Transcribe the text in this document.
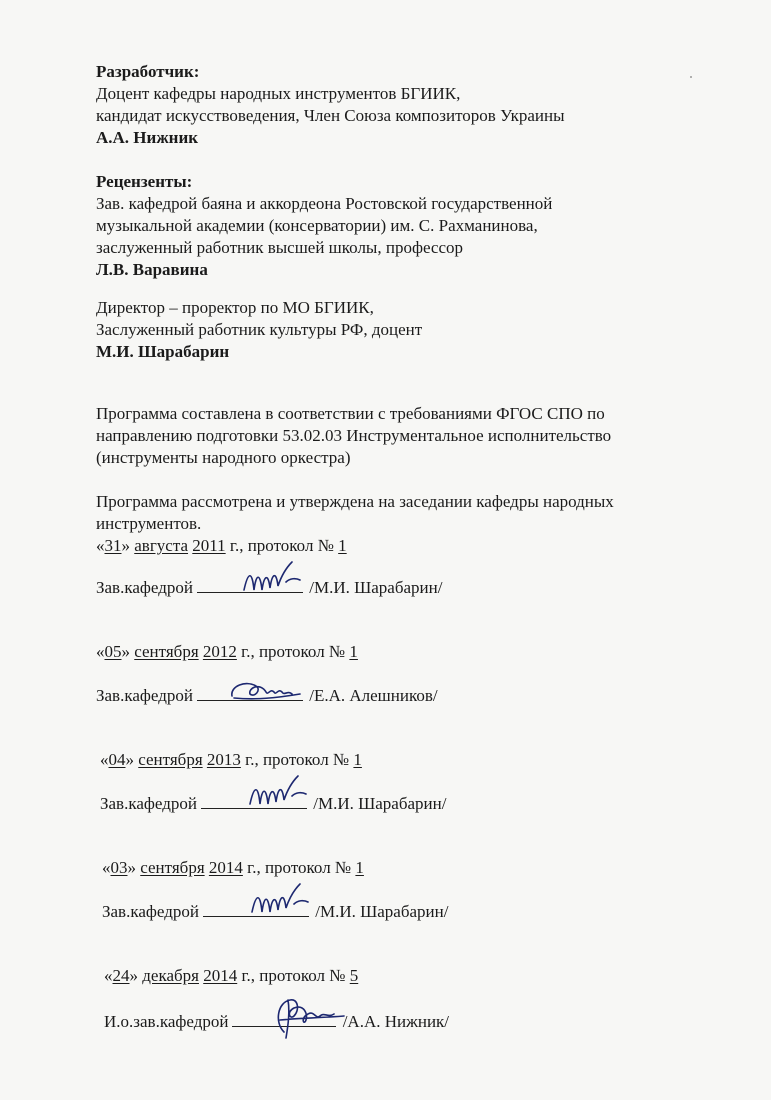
Разработчик:
Доцент кафедры народных инструментов БГИИК,
кандидат искусствоведения, Член Союза композиторов Украины
А.А. Нижник
Рецензенты:
Зав. кафедрой баяна и аккордеона Ростовской государственной
музыкальной академии (консерватории) им. С. Рахманинова,
заслуженный работник высшей школы, профессор
Л.В. Варавина
Директор – проректор по МО БГИИК,
Заслуженный работник культуры РФ, доцент
М.И. Шарабарин
Программа составлена в соответствии с требованиями ФГОС СПО по
направлению подготовки 53.02.03 Инструментальное исполнительство
(инструменты народного оркестра)
Программа рассмотрена и утверждена на заседании кафедры народных
инструментов.
«31» августа 2011 г., протокол № 1
Зав.кафедрой	/М.И. Шарабарин/
«05» сентября 2012 г., протокол № 1
Зав.кафедрой	/Е.А. Алешников/
«04» сентября 2013 г., протокол № 1
Зав.кафедрой	/М.И. Шарабарин/
«03» сентября 2014 г., протокол № 1
Зав.кафедрой	/М.И. Шарабарин/
«24» декабря 2014 г., протокол № 5
И.о.зав.кафедрой	/А.А. Нижник/
